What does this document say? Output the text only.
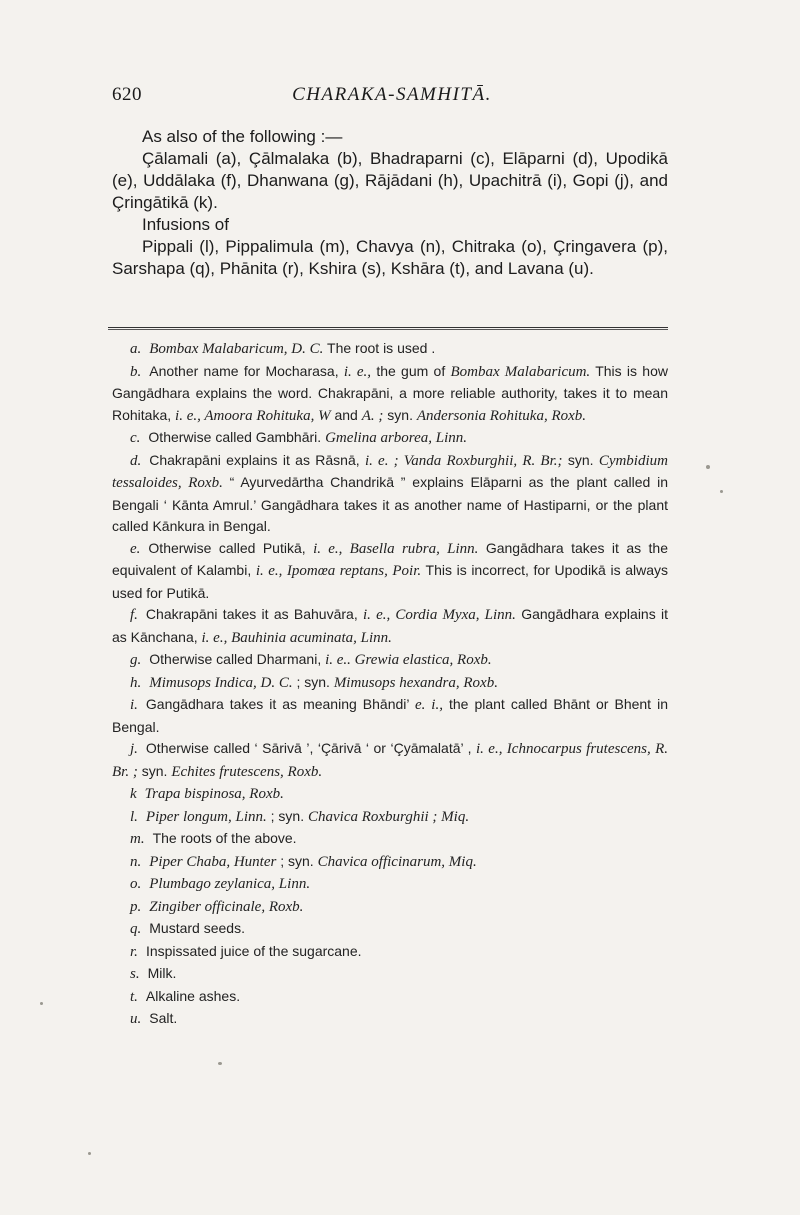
620	CHARAKA-SAMHITĀ.

As also of the following :—

Çālamali (a), Çālmalaka (b), Bhadraparni (c), Elāparni (d), Upodikā (e), Uddālaka (f), Dhanwana (g), Rājādani (h), Upachitrā (i), Gopi (j), and Çringātikā (k).

Infusions of

Pippali (l), Pippalimula (m), Chavya (n), Chitraka (o), Çringavera (p), Sarshapa (q), Phānita (r), Kshira (s), Kshāra (t), and Lavana (u).

a. Bombax Malabaricum, D. C. The root is used .

b. Another name for Mocharasa, i. e., the gum of Bombax Malabaricum. This is how Gangādhara explains the word. Chakrapāni, a more reliable authority, takes it to mean Rohitaka, i. e., Amoora Rohituka, W and A. ; syn. Andersonia Rohituka, Roxb.

c. Otherwise called Gambhāri. Gmelina arborea, Linn.

d. Chakrapāni explains it as Rāsnā, i. e. ; Vanda Roxburghii, R. Br.; syn. Cymbidium tessaloides, Roxb. “ Ayurvedārtha Chandrikā ” explains Elāparni as the plant called in Bengali ‘ Kānta Amrul.’ Gangādhara takes it as another name of Hastiparni, or the plant called Kānkura in Bengal.

e. Otherwise called Putikā, i. e., Basella rubra, Linn. Gangādhara takes it as the equivalent of Kalambi, i. e., Ipomœa reptans, Poir. This is incorrect, for Upodikā is always used for Putikā.

f. Chakrapāni takes it as Bahuvāra, i. e., Cordia Myxa, Linn. Gangādhara explains it as Kānchana, i. e., Bauhinia acuminata, Linn.

g. Otherwise called Dharmani, i. e.. Grewia elastica, Roxb.

h. Mimusops Indica, D. C. ; syn. Mimusops hexandra, Roxb.

i. Gangādhara takes it as meaning Bhāndi’ e. i., the plant called Bhānt or Bhent in Bengal.

j. Otherwise called ‘ Sārivā ’, ‘Çārivā ‘ or ‘Çyāmalatā’ , i. e., Ichnocarpus frutescens, R. Br. ; syn. Echites frutescens, Roxb.

k Trapa bispinosa, Roxb.

l. Piper longum, Linn. ; syn. Chavica Roxburghii ; Miq.

m. The roots of the above.

n. Piper Chaba, Hunter ; syn. Chavica officinarum, Miq.

o. Plumbago zeylanica, Linn.

p. Zingiber officinale, Roxb.

q. Mustard seeds.

r. Inspissated juice of the sugarcane.

s. Milk.

t. Alkaline ashes.

u. Salt.
